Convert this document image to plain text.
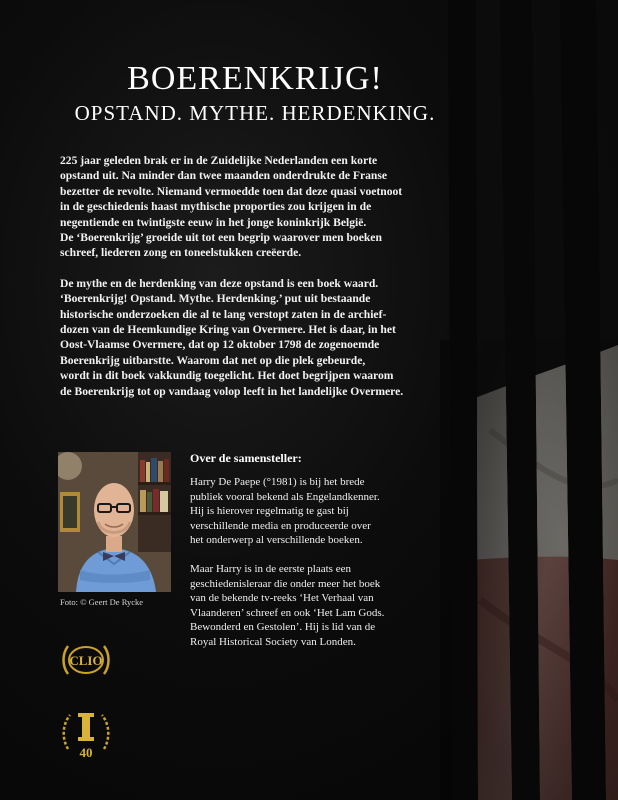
BOERENKRIJG!
OPSTAND. MYTHE. HERDENKING.

225 jaar geleden brak er in de Zuidelijke Nederlanden een korte
opstand uit. Na minder dan twee maanden onderdrukte de Franse
bezetter de revolte. Niemand vermoedde toen dat deze quasi voetnoot
in de geschiedenis haast mythische proporties zou krijgen in de
negentiende en twintigste eeuw in het jonge koninkrijk België.
De ‘Boerenkrijg’ groeide uit tot een begrip waarover men boeken
schreef, liederen zong en toneelstukken creëerde.

De mythe en de herdenking van deze opstand is een boek waard.
‘Boerenkrijg! Opstand. Mythe. Herdenking.’ put uit bestaande
historische onderzoeken die al te lang verstopt zaten in de archief-
dozen van de Heemkundige Kring van Overmere. Het is daar, in het
Oost-Vlaamse Overmere, dat op 12 oktober 1798 de zogenoemde
Boerenkrijg uitbarstte. Waarom dat net op die plek gebeurde,
wordt in dit boek vakkundig toegelicht. Het doet begrijpen waarom
de Boerenkrijg tot op vandaag volop leeft in het landelijke Overmere.

Foto: © Geert De Rycke
Over de samensteller:

Harry De Paepe (°1981) is bij het brede
publiek vooral bekend als Engelandkenner.
Hij is hierover regelmatig te gast bij
verschillende media en produceerde over
het onderwerp al verschillende boeken.

Maar Harry is in de eerste plaats een
geschiedenisleraar die onder meer het boek
van de bekende tv-reeks ‘Het Verhaal van
Vlaanderen’ schreef en ook ‘Het Lam Gods.
Bewonderd en Gestolen’. Hij is lid van de
Royal Historical Society van Londen.

CLIO
40
